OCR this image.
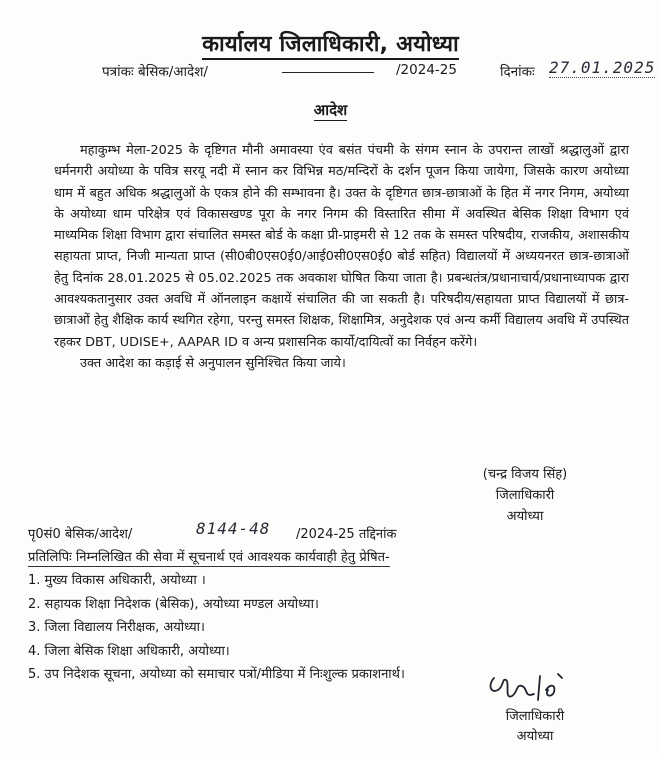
कार्यालय जिलाधिकारी, अयोध्या
पत्रांकः बेसिक/आदेश/	/2024-25	दिनांकः 27.01.2025
आदेश

महाकुम्भ मेला-2025 के दृष्टिगत मौनी अमावस्या एंव बसंत पंचमी के संगम स्नान के उपरान्त लाखों श्रद्धालुओं द्वारा धर्मनगरी अयोध्या के पवित्र सरयू नदी में स्नान कर विभिन्न मठ/मन्दिरों के दर्शन पूजन किया जायेगा, जिसके कारण अयोध्या धाम में बहुत अधिक श्रद्धालुओं के एकत्र होने की सम्भावना है। उक्त के दृष्टिगत छात्र-छात्राओं के हित में नगर निगम, अयोध्या के अयोध्या धाम परिक्षेत्र एवं विकासखण्ड पूरा के नगर निगम की विस्तारित सीमा में अवस्थित बेसिक शिक्षा विभाग एवं माध्यमिक शिक्षा विभाग द्वारा संचालित समस्त बोर्ड के कक्षा प्री-प्राइमरी से 12 तक के समस्त परिषदीय, राजकीय, अशासकीय सहायता प्राप्त, निजी मान्यता प्राप्त (सी0बी0एस0ई0/आई0सी0एस0ई0 बोर्ड सहित) विद्यालयों में अध्ययनरत छात्र-छात्राओं हेतु दिनांक 28.01.2025 से 05.02.2025 तक अवकाश घोषित किया जाता है। प्रबन्धतंत्र/प्रधानाचार्य/प्रधानाध्यापक द्वारा आवश्यकतानुसार उक्त अवधि में ऑनलाइन कक्षायें संचालित की जा सकती है। परिषदीय/सहायता प्राप्त विद्यालयों में छात्र-छात्राओं हेतु शैक्षिक कार्य स्थगित रहेगा, परन्तु समस्त शिक्षक, शिक्षामित्र, अनुदेशक एवं अन्य कर्मी विद्यालय अवधि में उपस्थित रहकर DBT, UDISE+, AAPAR ID व अन्य प्रशासनिक कार्यो/दायित्वों का निर्वहन करेंगे।

उक्त आदेश का कड़ाई से अनुपालन सुनिश्चित किया जाये।

(चन्द्र विजय सिंह)
जिलाधिकारी
अयोध्या
पृ0सं0 बेसिक/आदेश/	8144-48 /2024-25 तद्दिनांक
प्रतिलिपिः निम्नलिखित की सेवा में सूचनार्थ एवं आवश्यक कार्यवाही हेतु प्रेषित-
1. मुख्य विकास अधिकारी, अयोध्या ।
2. सहायक शिक्षा निदेशक (बेसिक), अयोध्या मण्डल अयोध्या।
3. जिला विद्यालय निरीक्षक, अयोध्या।
4. जिला बेसिक शिक्षा अधिकारी, अयोध्या।
5. उप निदेशक सूचना, अयोध्या को समाचार पत्रों/मीडिया में निःशुल्क प्रकाशनार्थ।
जिलाधिकारी
अयोध्या
